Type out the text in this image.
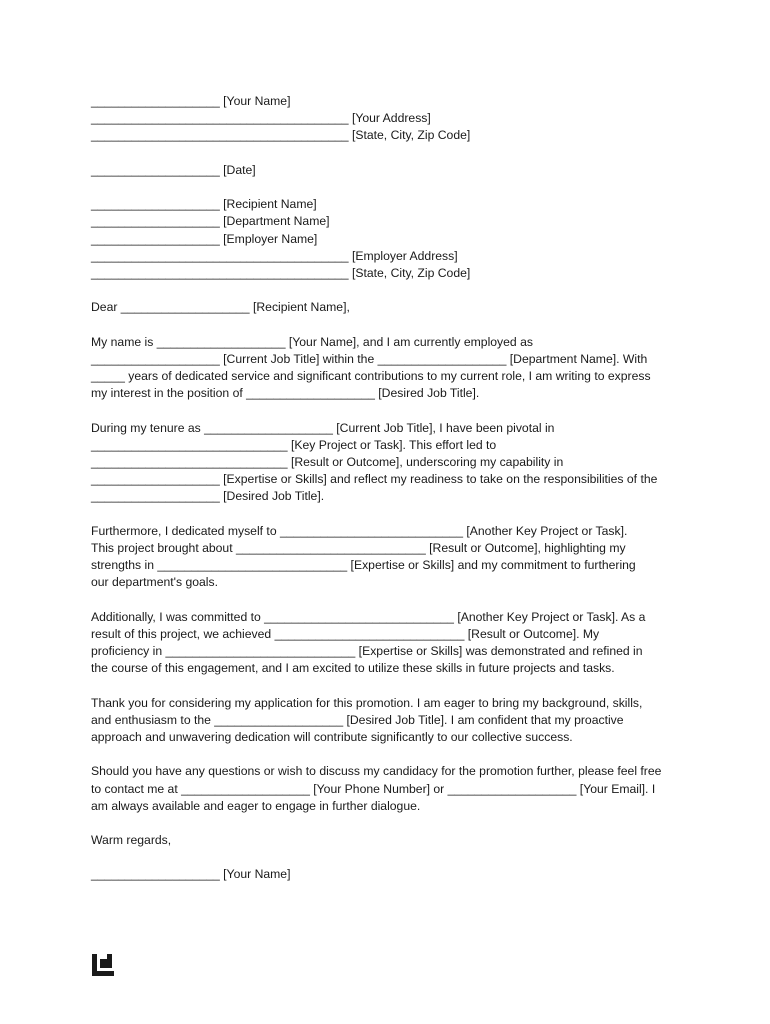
___________________ [Your Name]
______________________________________ [Your Address]
______________________________________ [State, City, Zip Code]
___________________ [Date]
___________________ [Recipient Name]
___________________ [Department Name]
___________________ [Employer Name]
______________________________________ [Employer Address]
______________________________________ [State, City, Zip Code]
Dear ___________________ [Recipient Name],
My name is ___________________ [Your Name], and I am currently employed as
___________________ [Current Job Title] within the ___________________ [Department Name]. With
_____ years of dedicated service and significant contributions to my current role, I am writing to express
my interest in the position of ___________________ [Desired Job Title].
During my tenure as ___________________ [Current Job Title], I have been pivotal in
_____________________________ [Key Project or Task]. This effort led to
_____________________________ [Result or Outcome], underscoring my capability in
___________________ [Expertise or Skills] and reflect my readiness to take on the responsibilities of the
___________________ [Desired Job Title].
Furthermore, I dedicated myself to ___________________________ [Another Key Project or Task].
This project brought about ____________________________ [Result or Outcome], highlighting my
strengths in ____________________________ [Expertise or Skills] and my commitment to furthering
our department's goals.
Additionally, I was committed to ____________________________ [Another Key Project or Task]. As a
result of this project, we achieved ____________________________ [Result or Outcome]. My
proficiency in ____________________________ [Expertise or Skills] was demonstrated and refined in
the course of this engagement, and I am excited to utilize these skills in future projects and tasks.
Thank you for considering my application for this promotion. I am eager to bring my background, skills,
and enthusiasm to the ___________________ [Desired Job Title]. I am confident that my proactive
approach and unwavering dedication will contribute significantly to our collective success.
Should you have any questions or wish to discuss my candidacy for the promotion further, please feel free
to contact me at ___________________ [Your Phone Number] or ___________________ [Your Email]. I
am always available and eager to engage in further dialogue.
Warm regards,
___________________ [Your Name]
